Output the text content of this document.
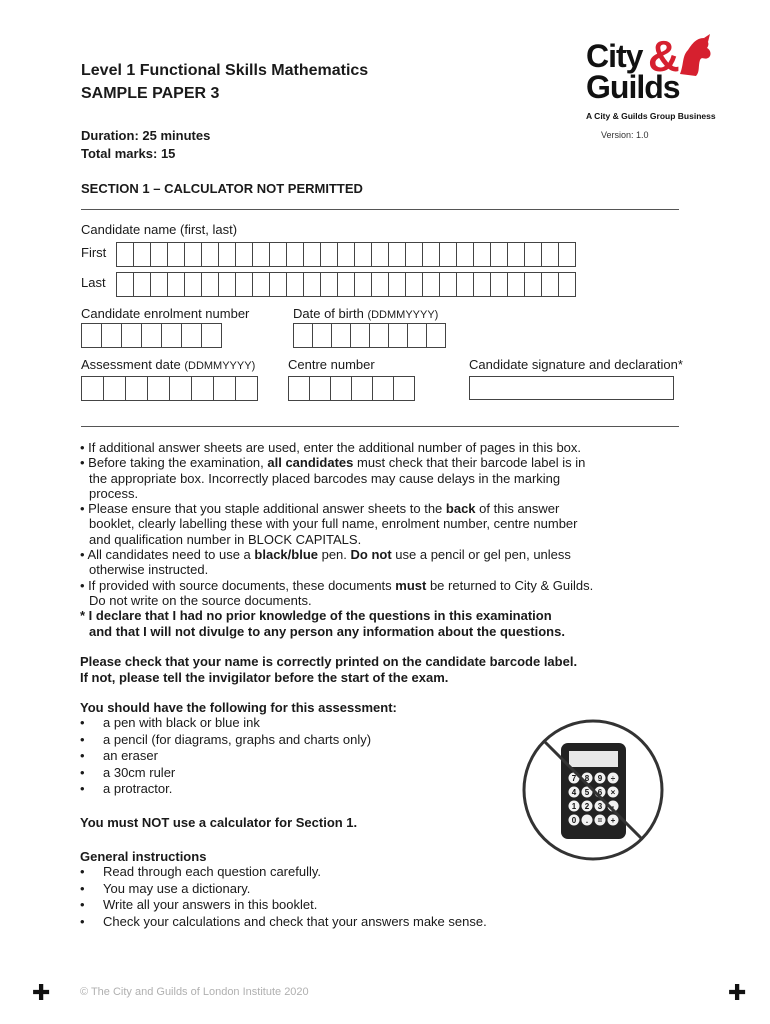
Level 1 Functional Skills Mathematics
SAMPLE PAPER 3
Duration: 25 minutes
Total marks: 15
City &
Guilds
A City & Guilds Group Business
Version: 1.0
SECTION 1 – CALCULATOR NOT PERMITTED
Candidate name (first, last)
First
Last
Candidate enrolment number	Date of birth (DDMMYYYY)
Assessment date (DDMMYYYY)	Centre number	Candidate signature and declaration*

• If additional answer sheets are used, enter the additional number of pages in this box.

• Before taking the examination, all candidates must check that their barcode label is in

the appropriate box. Incorrectly placed barcodes may cause delays in the marking

process.

• Please ensure that you staple additional answer sheets to the back of this answer

booklet, clearly labelling these with your full name, enrolment number, centre number

and qualification number in BLOCK CAPITALS.

• All candidates need to use a black/blue pen. Do not use a pencil or gel pen, unless

otherwise instructed.

• If provided with source documents, these documents must be returned to City & Guilds.

Do not write on the source documents.

* I declare that I had no prior knowledge of the questions in this examination

and that I will not divulge to any person any information about the questions.

Please check that your name is correctly printed on the candidate barcode label.
If not, please tell the invigilator before the start of the exam.
You should have the following for this assessment:
• a pen with black or blue ink
• a pencil (for diagrams, graphs and charts only)
• an eraser
• a 30cm ruler
• a protractor.
You must NOT use a calculator for Section 1.
7 8 9 ÷
4 5 6 ×
1 2 3 -
0 . = +
General instructions
• Read through each question carefully.
• You may use a dictionary.
• Write all your answers in this booklet.
• Check your calculations and check that your answers make sense.
✚	© The City and Guilds of London Institute 2020	✚
